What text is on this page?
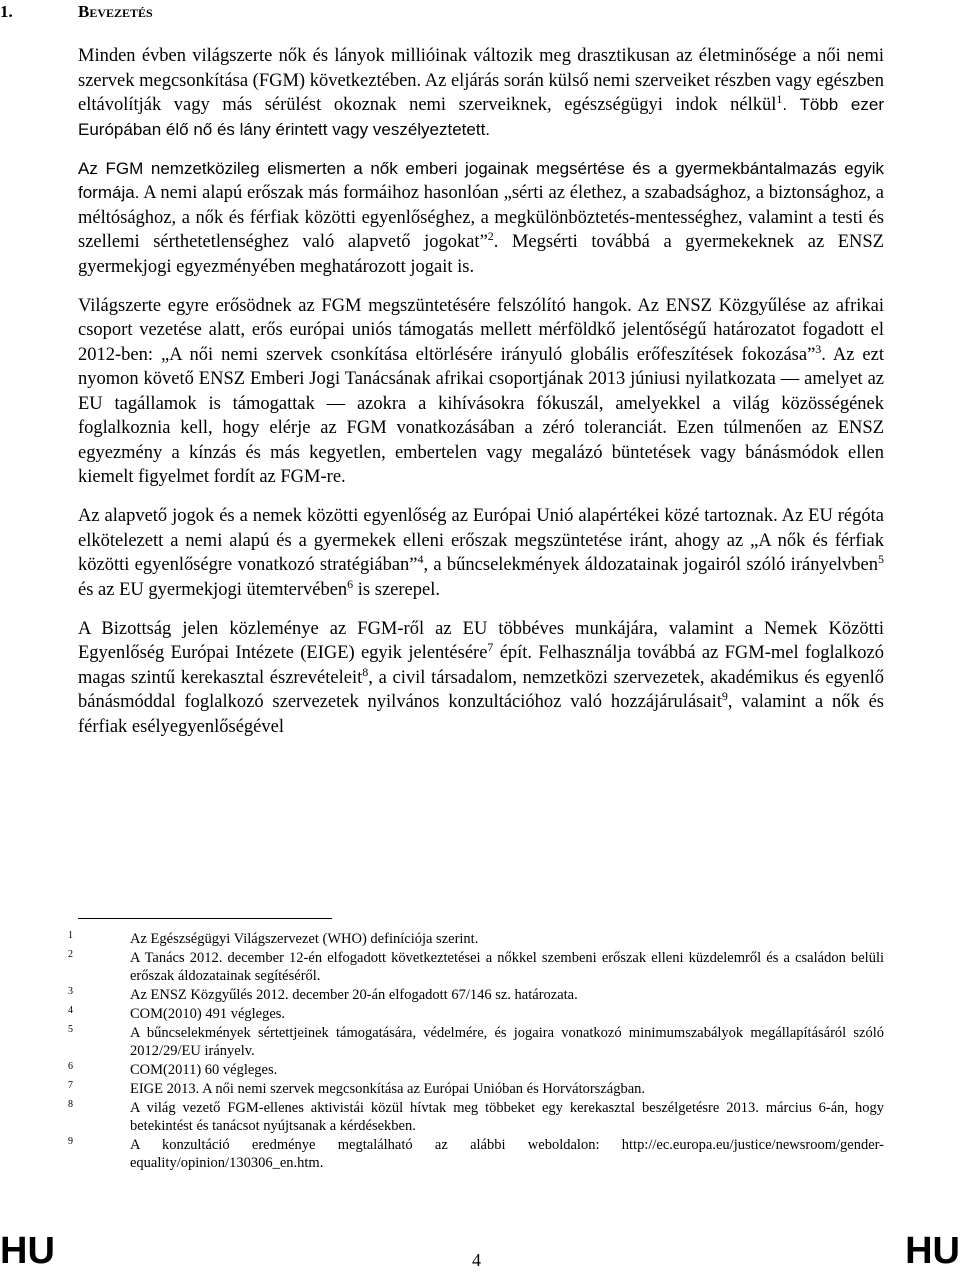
1.	Bevezetés

Minden évben világszerte nők és lányok millióinak változik meg drasztikusan az életminősége a női nemi szervek megcsonkítása (FGM) következtében. Az eljárás során külső nemi szerveiket részben vagy egészben eltávolítják vagy más sérülést okoznak nemi szerveiknek, egészségügyi indok nélkül$^1$. Több ezer Európában élő nő és lány érintett vagy veszélyeztetett.

Az FGM nemzetközileg elismerten a nők emberi jogainak megsértése és a gyermekbántalmazás egyik formája. A nemi alapú erőszak más formáihoz hasonlóan „sérti az élethez, a szabadsághoz, a biztonsághoz, a méltósághoz, a nők és férfiak közötti egyenlőséghez, a megkülönböztetés-mentességhez, valamint a testi és szellemi sérthetetlenséghez való alapvető jogokat”$^2$. Megsérti továbbá a gyermekeknek az ENSZ gyermekjogi egyezményében meghatározott jogait is.

Világszerte egyre erősödnek az FGM megszüntetésére felszólító hangok. Az ENSZ Közgyűlése az afrikai csoport vezetése alatt, erős európai uniós támogatás mellett mérföldkő jelentőségű határozatot fogadott el 2012-ben: „A női nemi szervek csonkítása eltörlésére irányuló globális erőfeszítések fokozása”$^3$. Az ezt nyomon követő ENSZ Emberi Jogi Tanácsának afrikai csoportjának 2013 júniusi nyilatkozata — amelyet az EU tagállamok is támogattak — azokra a kihívásokra fókuszál, amelyekkel a világ közösségének foglalkoznia kell, hogy elérje az FGM vonatkozásában a zéró toleranciát. Ezen túlmenően az ENSZ egyezmény a kínzás és más kegyetlen, embertelen vagy megalázó büntetések vagy bánásmódok ellen kiemelt figyelmet fordít az FGM-re.

Az alapvető jogok és a nemek közötti egyenlőség az Európai Unió alapértékei közé tartoznak. Az EU régóta elkötelezett a nemi alapú és a gyermekek elleni erőszak megszüntetése iránt, ahogy az „A nők és férfiak közötti egyenlőségre vonatkozó stratégiában”$^4$, a bűncselekmények áldozatainak jogairól szóló irányelvben$^5$ és az EU gyermekjogi ütemtervében$^6$ is szerepel.

A Bizottság jelen közleménye az FGM-ről az EU többéves munkájára, valamint a Nemek Közötti Egyenlőség Európai Intézete (EIGE) egyik jelentésére$^7$ épít. Felhasználja továbbá az FGM-mel foglalkozó magas szintű kerekasztal észrevételeit$^8$, a civil társadalom, nemzetközi szervezetek, akadémikus és egyenlő bánásmóddal foglalkozó szervezetek nyilvános konzultációhoz való hozzájárulásait$^9$, valamint a nők és férfiak esélyegyenlőségével

1	Az Egészségügyi Világszervezet (WHO) definíciója szerint.
2	A Tanács 2012. december 12-én elfogadott következtetései a nőkkel szembeni erőszak elleni küzdelemről és a családon belüli erőszak áldozatainak segítéséről.
3	Az ENSZ Közgyűlés 2012. december 20-án elfogadott 67/146 sz. határozata.
4	COM(2010) 491 végleges.
5	A bűncselekmények sértettjeinek támogatására, védelmére, és jogaira vonatkozó minimumszabályok megállapításáról szóló 2012/29/EU irányelv.
6	COM(2011) 60 végleges.
7	EIGE 2013. A női nemi szervek megcsonkítása az Európai Unióban és Horvátországban.
8	A világ vezető FGM-ellenes aktivistái közül hívtak meg többeket egy kerekasztal beszélgetésre 2013. március 6-án, hogy betekintést és tanácsot nyújtsanak a kérdésekben.
9	A konzultáció eredménye megtalálható az alábbi weboldalon: http://ec.europa.eu/justice/newsroom/gender-equality/opinion/130306_en.htm.
HU	4	HU
